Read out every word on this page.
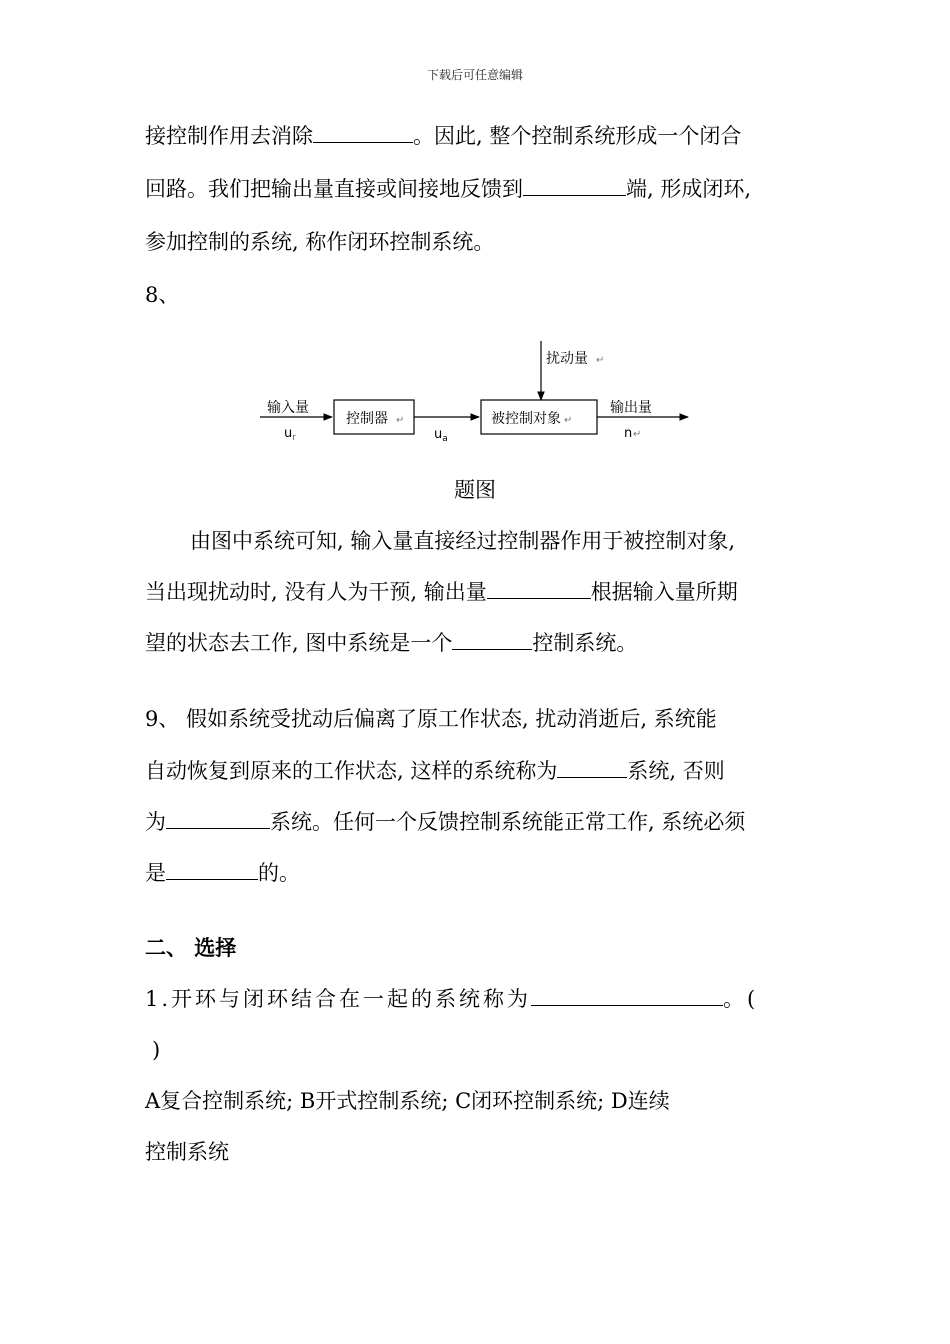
下载后可任意编辑
接控制作用去消除	。因此, 整个控制系统形成一个闭合
回路。我们把输出量直接或间接地反馈到	端, 形成闭环,
参加控制的系统, 称作闭环控制系统。
8、
扰动量 ↵
输入量
$u_r$
控制器 ↵
$u_a$
被控制对象 ↵
输出量
n ↵
题图
由图中系统可知, 输入量直接经过控制器作用于被控制对象,
当出现扰动时, 没有人为干预, 输出量	根据输入量所期
望的状态去工作, 图中系统是一个	控制系统。
9、 假如系统受扰动后偏离了原工作状态, 扰动消逝后, 系统能
自动恢复到原来的工作状态, 这样的系统称为	系统, 否则
为	系统。任何一个反馈控制系统能正常工作, 系统必须
是	的。
二、 选择
1.开环与闭环结合在一起的系统称为	。(
)
A复合控制系统; B开式控制系统; C闭环控制系统; D连续
控制系统
